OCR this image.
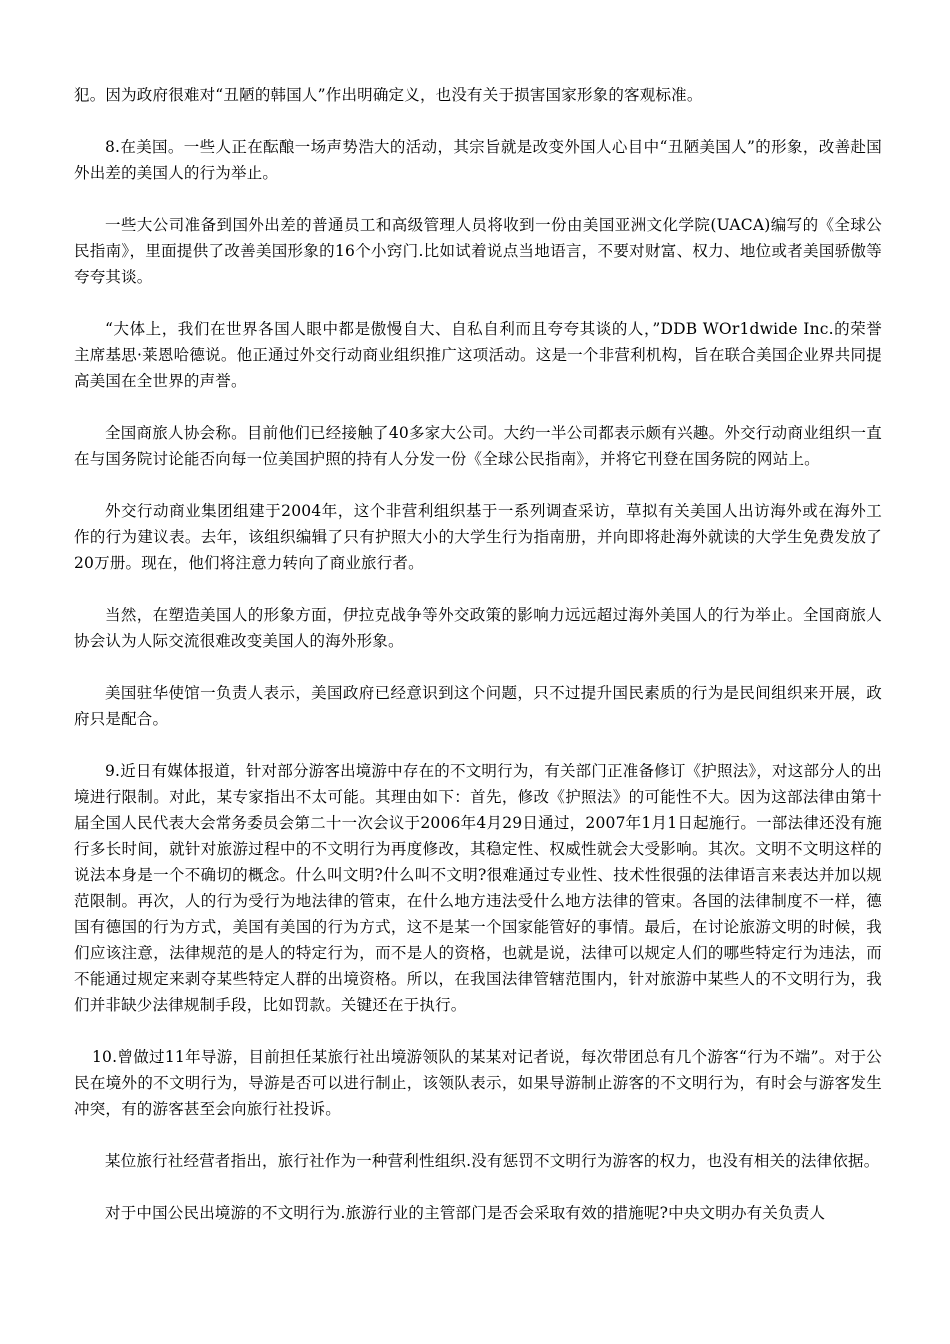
犯。因为政府很难对“丑陋的韩国人”作出明确定义，也没有关于损害国家形象的客观标准。

8.在美国。一些人正在酝酿一场声势浩大的活动，其宗旨就是改变外国人心目中“丑陋美国人”的形象，改善赴国外出差的美国人的行为举止。

一些大公司准备到国外出差的普通员工和高级管理人员将收到一份由美国亚洲文化学院(UACA)编写的《全球公民指南》，里面提供了改善美国形象的16个小窍门.比如试着说点当地语言，不要对财富、权力、地位或者美国骄傲等夸夸其谈。

“大体上，我们在世界各国人眼中都是傲慢自大、自私自利而且夸夸其谈的人，”DDB WOr1dwide Inc.的荣誉主席基思·莱恩哈德说。他正通过外交行动商业组织推广这项活动。这是一个非营利机构，旨在联合美国企业界共同提高美国在全世界的声誉。

全国商旅人协会称。目前他们已经接触了40多家大公司。大约一半公司都表示颇有兴趣。外交行动商业组织一直在与国务院讨论能否向每一位美国护照的持有人分发一份《全球公民指南》，并将它刊登在国务院的网站上。

外交行动商业集团组建于2004年，这个非营利组织基于一系列调查采访，草拟有关美国人出访海外或在海外工作的行为建议表。去年，该组织编辑了只有护照大小的大学生行为指南册，并向即将赴海外就读的大学生免费发放了20万册。现在，他们将注意力转向了商业旅行者。

当然，在塑造美国人的形象方面，伊拉克战争等外交政策的影响力远远超过海外美国人的行为举止。全国商旅人协会认为人际交流很难改变美国人的海外形象。

美国驻华使馆一负责人表示，美国政府已经意识到这个问题，只不过提升国民素质的行为是民间组织来开展，政府只是配合。

9.近日有媒体报道，针对部分游客出境游中存在的不文明行为，有关部门正准备修订《护照法》，对这部分人的出境进行限制。对此，某专家指出不太可能。其理由如下：首先，修改《护照法》的可能性不大。因为这部法律由第十届全国人民代表大会常务委员会第二十一次会议于2006年4月29日通过，2007年1月1日起施行。一部法律还没有施行多长时间，就针对旅游过程中的不文明行为再度修改，其稳定性、权威性就会大受影响。其次。文明不文明这样的说法本身是一个不确切的概念。什么叫文明?什么叫不文明?很难通过专业性、技术性很强的法律语言来表达并加以规范限制。再次，人的行为受行为地法律的管束，在什么地方违法受什么地方法律的管束。各国的法律制度不一样，德国有德国的行为方式，美国有美国的行为方式，这不是某一个国家能管好的事情。最后，在讨论旅游文明的时候，我们应该注意，法律规范的是人的特定行为，而不是人的资格，也就是说，法律可以规定人们的哪些特定行为违法，而不能通过规定来剥夺某些特定人群的出境资格。所以，在我国法律管辖范围内，针对旅游中某些人的不文明行为，我们并非缺少法律规制手段，比如罚款。关键还在于执行。

10.曾做过11年导游，目前担任某旅行社出境游领队的某某对记者说，每次带团总有几个游客“行为不端”。对于公民在境外的不文明行为，导游是否可以进行制止，该领队表示，如果导游制止游客的不文明行为，有时会与游客发生冲突，有的游客甚至会向旅行社投诉。

某位旅行社经营者指出，旅行社作为一种营利性组织.没有惩罚不文明行为游客的权力，也没有相关的法律依据。

对于中国公民出境游的不文明行为.旅游行业的主管部门是否会采取有效的措施呢?中央文明办有关负责人
